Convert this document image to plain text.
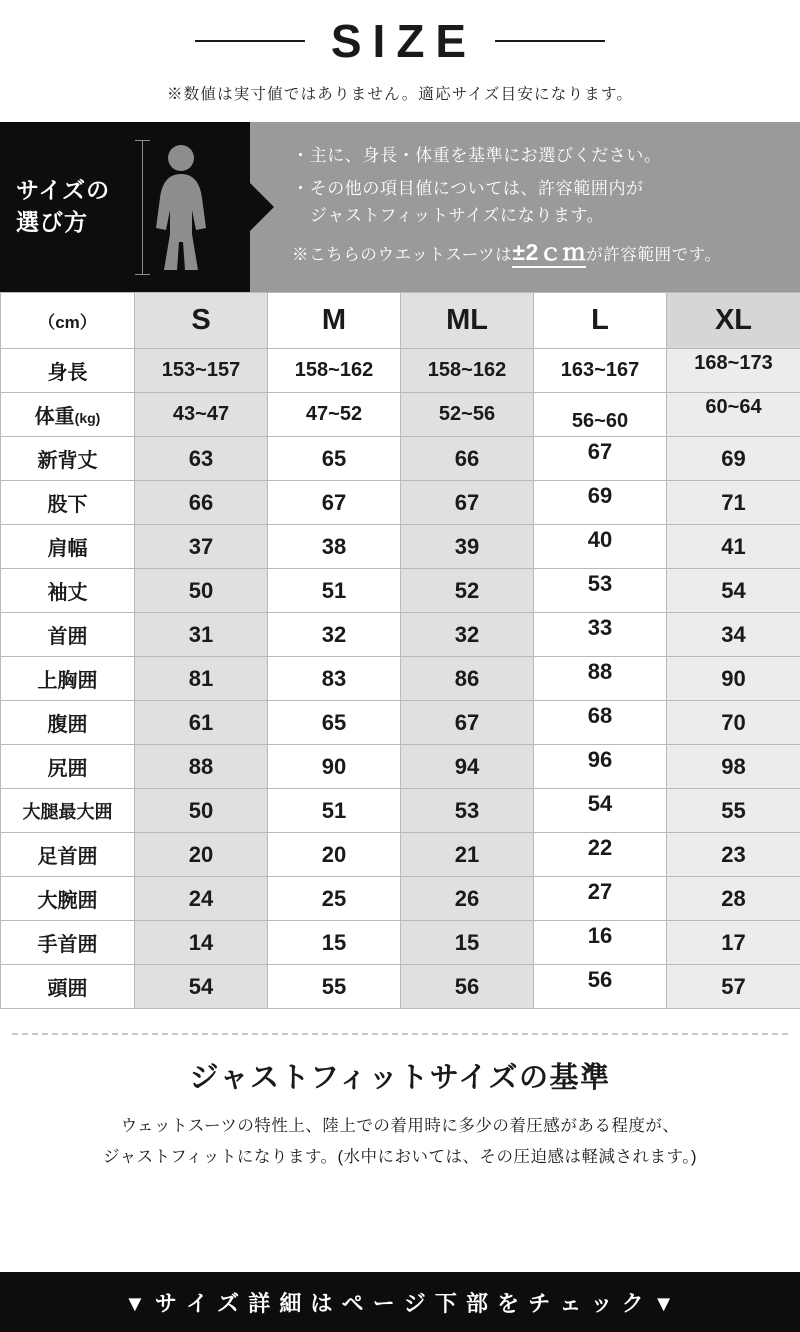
SIZE
※数値は実寸値ではありません。適応サイズ目安になります。
サイズの
選び方

・主に、身長・体重を基準にお選びください。

・その他の項目値については、許容範囲内が

ジャストフィットサイズになります。

※こちらのウエットスーツは±2ｃｍが許容範囲です。

（cm）	S	M	ML	L	XL
身長	153~157	158~162	158~162	163~167	168~173
体重(kg)	43~47	47~52	52~56	56~60	60~64
新背丈	63	65	66	67	69
股下	66	67	67	69	71
肩幅	37	38	39	40	41
袖丈	50	51	52	53	54
首囲	31	32	32	33	34
上胸囲	81	83	86	88	90
腹囲	61	65	67	68	70
尻囲	88	90	94	96	98
大腿最大囲	50	51	53	54	55
足首囲	20	20	21	22	23
大腕囲	24	25	26	27	28
手首囲	14	15	15	16	17
頭囲	54	55	56	56	57
ジャストフィットサイズの基準

ウェットスーツの特性上、陸上での着用時に多少の着圧感がある程度が、

ジャストフィットになります。(水中においては、その圧迫感は軽減されます。)

▼ サ イ ズ 詳 細 は ペ ー ジ 下 部 を チ ェ ッ ク ▼
